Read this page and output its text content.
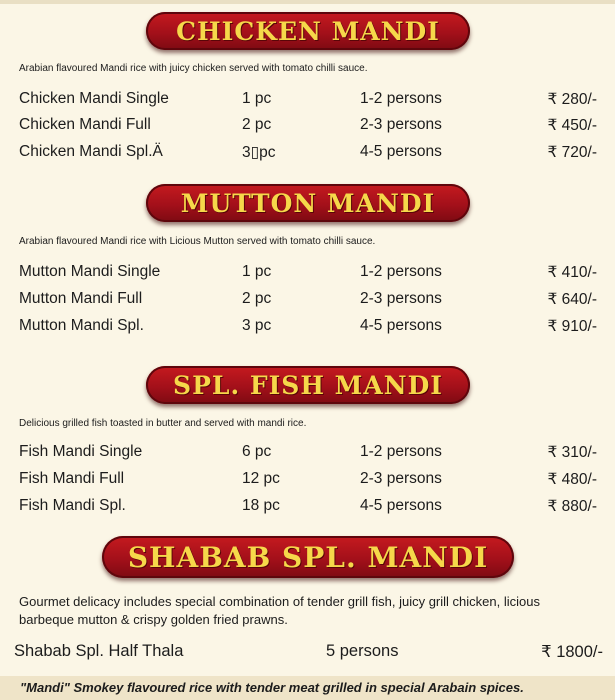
CHICKEN MANDI
Arabian flavoured Mandi rice with juicy chicken served with tomato chilli sauce.
Chicken Mandi Single	1 pc	1-2 persons	₹ 280/-
Chicken Mandi Full	2 pc	2-3 persons	₹ 450/-
Chicken Mandi Spl.Ä	3▯pc	4-5 persons	₹ 720/-
MUTTON MANDI
Arabian flavoured Mandi rice with Licious Mutton served with tomato chilli sauce.
Mutton Mandi Single	1 pc	1-2 persons	₹ 410/-
Mutton Mandi Full	2 pc	2-3 persons	₹ 640/-
Mutton Mandi Spl.	3 pc	4-5 persons	₹ 910/-
SPL. FISH MANDI
Delicious grilled fish toasted in butter and served with mandi rice.
Fish Mandi Single	6 pc	1-2 persons	₹ 310/-
Fish Mandi Full	12 pc	2-3 persons	₹ 480/-
Fish Mandi Spl.	18 pc	4-5 persons	₹ 880/-
SHABAB SPL. MANDI
Gourmet delicacy includes special combination of tender grill fish, juicy grill chicken, licious barbeque mutton & crispy golden fried prawns.
Shabab Spl. Half Thala	5 persons	₹ 1800/-
"Mandi" Smokey flavoured rice with tender meat grilled in special Arabain spices.
